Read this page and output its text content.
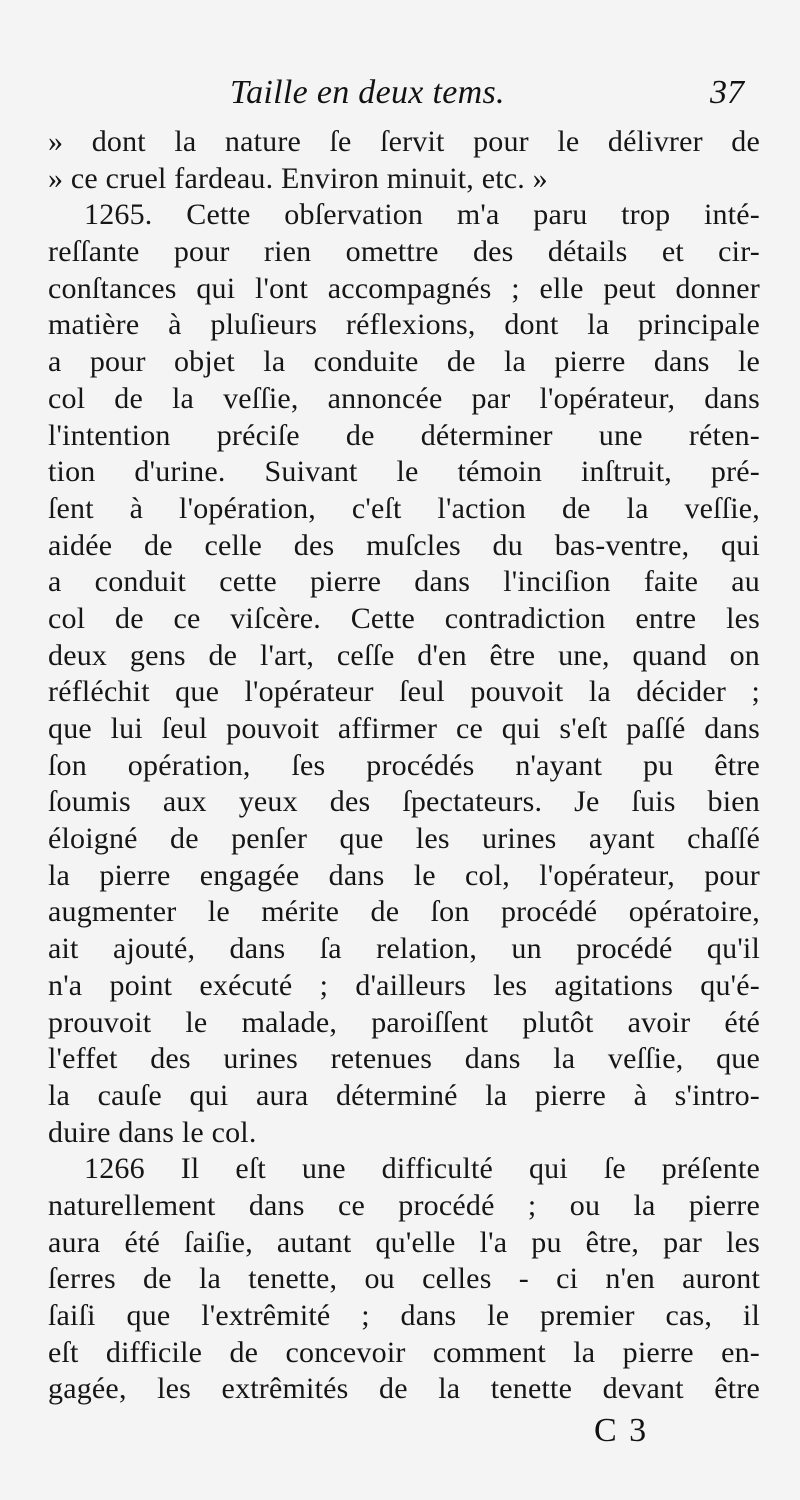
Taille en deux tems.	37
» dont la nature ſe ſervit pour le délivrer de
» ce cruel fardeau. Environ minuit, etc. »
1265. Cette obſervation m'a paru trop inté-
reſſante pour rien omettre des détails et cir-
conſtances qui l'ont accompagnés ; elle peut donner
matière à pluſieurs réflexions, dont la principale
a pour objet la conduite de la pierre dans le
col de la veſſie, annoncée par l'opérateur, dans
l'intention préciſe de déterminer une réten-
tion d'urine. Suivant le témoin inſtruit, pré-
ſent à l'opération, c'eſt l'action de la veſſie,
aidée de celle des muſcles du bas-ventre, qui
a conduit cette pierre dans l'inciſion faite au
col de ce viſcère. Cette contradiction entre les
deux gens de l'art, ceſſe d'en être une, quand on
réfléchit que l'opérateur ſeul pouvoit la décider ;
que lui ſeul pouvoit affirmer ce qui s'eſt paſſé dans
ſon opération, ſes procédés n'ayant pu être
ſoumis aux yeux des ſpectateurs. Je ſuis bien
éloigné de penſer que les urines ayant chaſſé
la pierre engagée dans le col, l'opérateur, pour
augmenter le mérite de ſon procédé opératoire,
ait ajouté, dans ſa relation, un procédé qu'il
n'a point exécuté ; d'ailleurs les agitations qu'é-
prouvoit le malade, paroiſſent plutôt avoir été
l'effet des urines retenues dans la veſſie, que
la cauſe qui aura déterminé la pierre à s'intro-
duire dans le col.
1266 Il eſt une difficulté qui ſe préſente
naturellement dans ce procédé ; ou la pierre
aura été ſaiſie, autant qu'elle l'a pu être, par les
ſerres de la tenette, ou celles - ci n'en auront
ſaiſi que l'extrêmité ; dans le premier cas, il
eſt difficile de concevoir comment la pierre en-
gagée, les extrêmités de la tenette devant être
C 3
